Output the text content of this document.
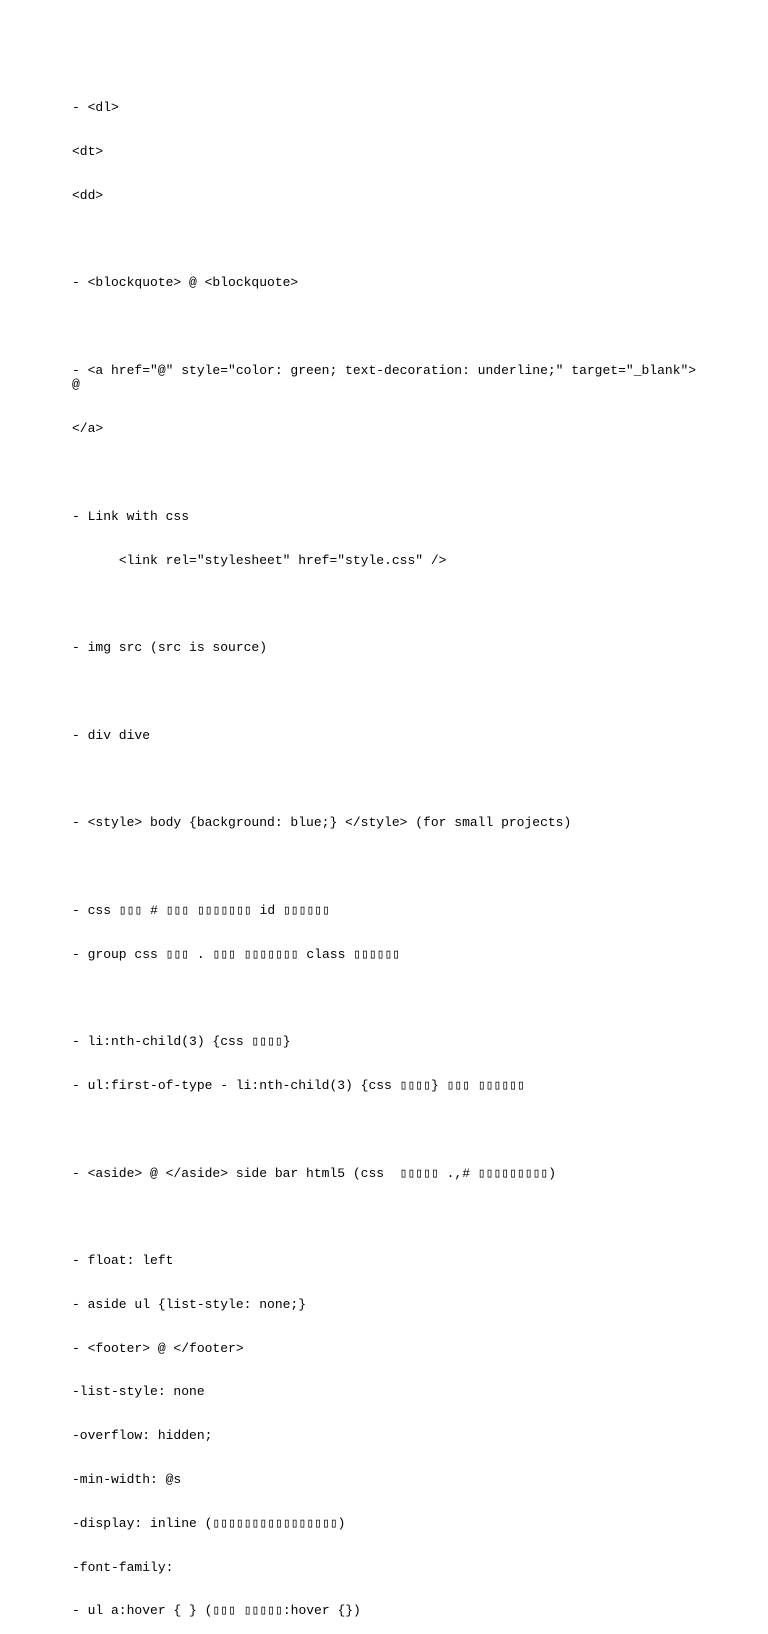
- <dl>

<dt>

<dd>

- <blockquote> @ <blockquote>

- <a href="@" style="color: green; text-decoration: underline;" target="_blank"> @

</a>

- Link with css

<link rel="stylesheet" href="style.css" />

- img src (src is source)

- div dive

- <style> body {background: blue;} </style> (for small projects)

- css ▯▯▯ # ▯▯▯ ▯▯▯▯▯▯▯ id ▯▯▯▯▯▯

- group css ▯▯▯ . ▯▯▯ ▯▯▯▯▯▯▯ class ▯▯▯▯▯▯

- li:nth-child(3) {css ▯▯▯▯}

- ul:first-of-type - li:nth-child(3) {css ▯▯▯▯} ▯▯▯ ▯▯▯▯▯▯

- <aside> @ </aside> side bar html5 (css  ▯▯▯▯▯ .,# ▯▯▯▯▯▯▯▯▯)

- float: left

- aside ul {list-style: none;}

- <footer> @ </footer>

-list-style: none

-overflow: hidden;

-min-width: @s

-display: inline (▯▯▯▯▯▯▯▯▯▯▯▯▯▯▯▯)

-font-family:

- ul a:hover { } (▯▯▯ ▯▯▯▯▯:hover {})
